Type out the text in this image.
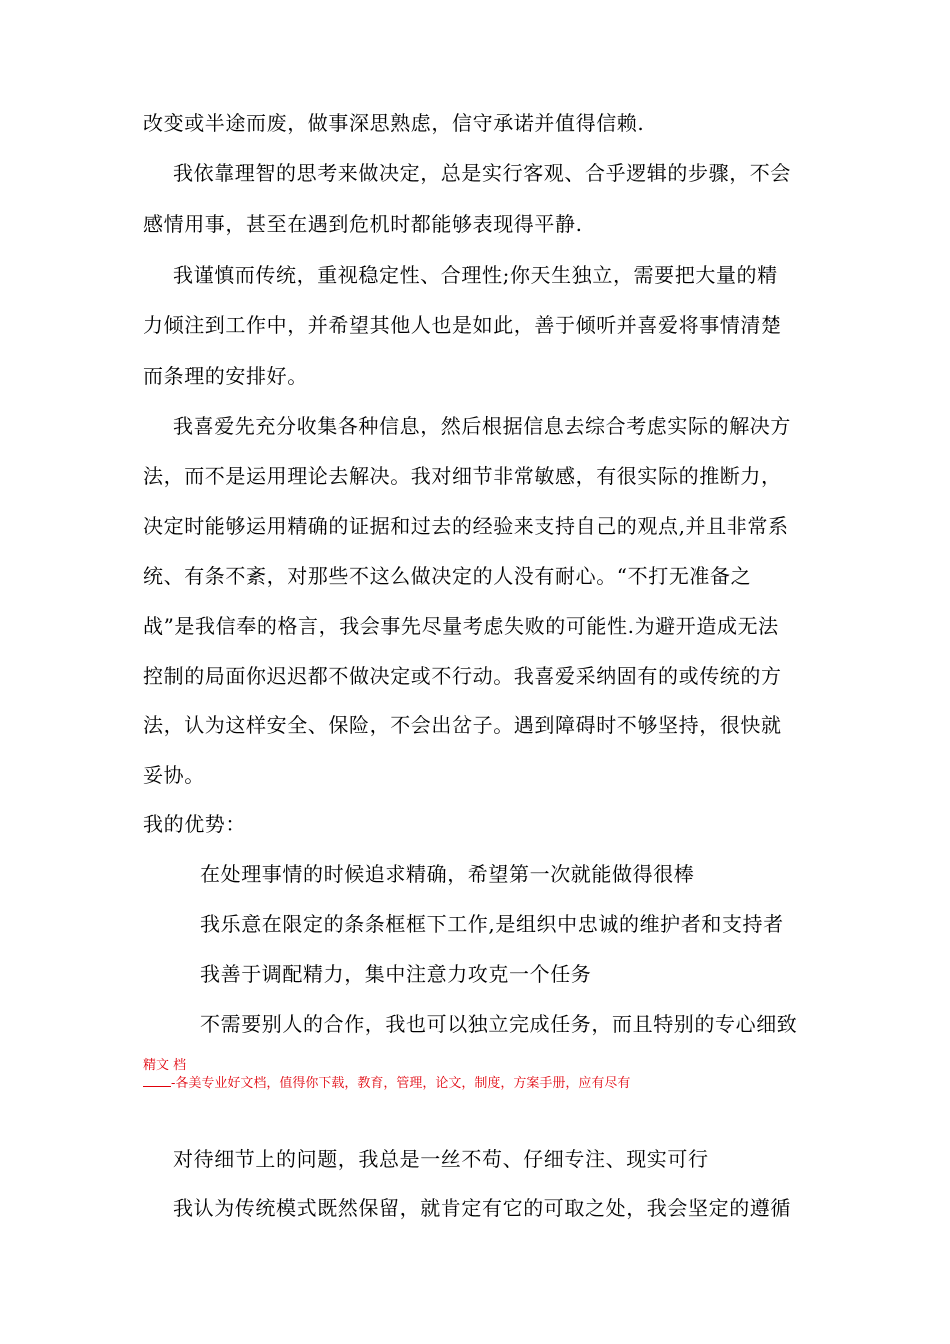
改变或半途而废，做事深思熟虑，信守承诺并值得信赖.
我依靠理智的思考来做决定，总是实行客观、合乎逻辑的步骤，不会
感情用事，甚至在遇到危机时都能够表现得平静.
我谨慎而传统，重视稳定性、合理性;你天生独立，需要把大量的精
力倾注到工作中，并希望其他人也是如此，善于倾听并喜爱将事情清楚
而条理的安排好。
我喜爱先充分收集各种信息，然后根据信息去综合考虑实际的解决方
法，而不是运用理论去解决。我对细节非常敏感，有很实际的推断力，
决定时能够运用精确的证据和过去的经验来支持自己的观点,并且非常系
统、有条不紊，对那些不这么做决定的人没有耐心。“不打无准备之
战”是我信奉的格言，我会事先尽量考虑失败的可能性.为避开造成无法
控制的局面你迟迟都不做决定或不行动。我喜爱采纳固有的或传统的方
法，认为这样安全、保险，不会出岔子。遇到障碍时不够坚持，很快就
妥协。
我的优势：
在处理事情的时候追求精确，希望第一次就能做得很棒
我乐意在限定的条条框框下工作,是组织中忠诚的维护者和支持者
我善于调配精力，集中注意力攻克一个任务
不需要别人的合作，我也可以独立完成任务，而且特别的专心细致
精文 档
-各美专业好文档，值得你下载，教育，管理，论文，制度，方案手册，应有尽有
对待细节上的问题，我总是一丝不苟、仔细专注、现实可行
我认为传统模式既然保留，就肯定有它的可取之处，我会坚定的遵循
